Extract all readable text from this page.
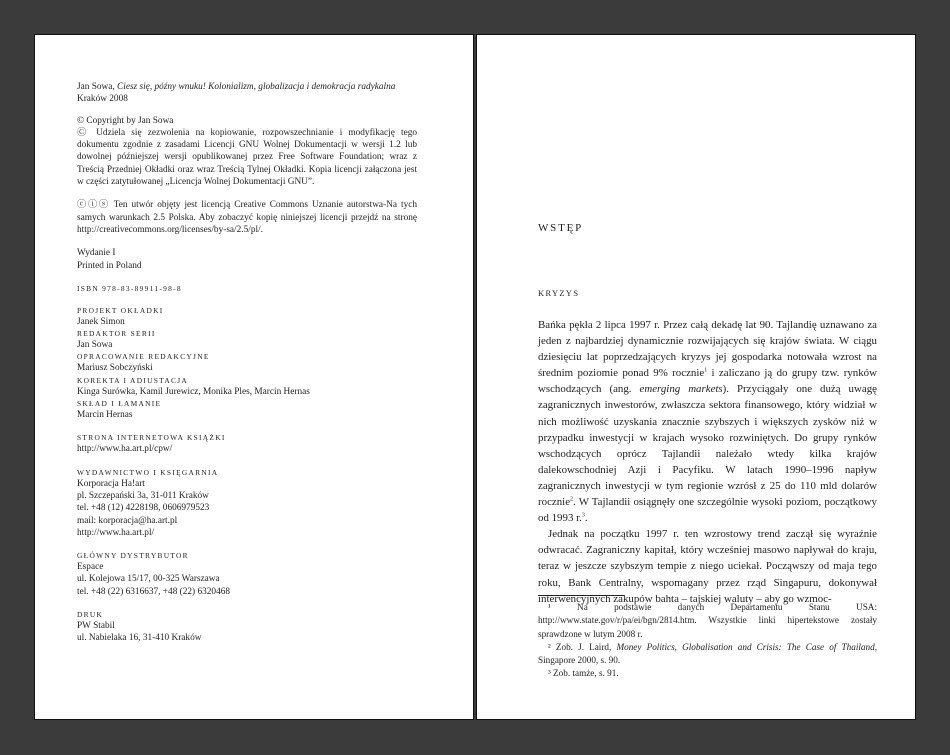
Jan Sowa, Ciesz się, późny wnuku! Kolonializm, globalizacja i demokracja radykalna

Kraków 2008

© Copyright by Jan Sowa

Ⓒ Udziela się zezwolenia na kopiowanie, rozpowszechnianie i modyfikację tego dokumentu zgodnie z zasadami Licencji GNU Wolnej Dokumentacji w wersji 1.2 lub dowolnej późniejszej wersji opublikowanej przez Free Software Foundation; wraz z Treścią Przedniej Okładki oraz wraz Treścią Tylnej Okładki. Kopia licencji załączona jest w części zatytułowanej „Licencja Wolnej Dokumentacji GNU”.

ⓒⓘⓢ Ten utwór objęty jest licencją Creative Commons Uznanie autorstwa-Na tych samych warunkach 2.5 Polska. Aby zobaczyć kopię niniejszej licencji przejdź na stronę http://creativecommons.org/licenses/by-sa/2.5/pl/.

Wydanie I

Printed in Poland

ISBN 978-83-89911-98-8

PROJEKT OKŁADKI

Janek Simon

REDAKTOR SERII

Jan Sowa

OPRACOWANIE REDAKCYJNE

Mariusz Sobczyński

KOREKTA I ADIUSTACJA

Kinga Surówka, Kamil Jurewicz, Monika Ples, Marcin Hernas

SKŁAD I ŁAMANIE

Marcin Hernas

STRONA INTERNETOWA KSIĄŻKI

http://www.ha.art.pl/cpw/

WYDAWNICTWO I KSIĘGARNIA

Korporacja Ha!art

pl. Szczepański 3a, 31-011 Kraków

tel. +48 (12) 4228198, 0606979523

mail: korporacja@ha.art.pl

http://www.ha.art.pl/

GŁÓWNY DYSTRYBUTOR

Espace

ul. Kolejowa 15/17, 00-325 Warszawa

tel. +48 (22) 6316637, +48 (22) 6320468

DRUK

PW Stabil

ul. Nabielaka 16, 31-410 Kraków

WSTĘP
KRYZYS

Bańka pękła 2 lipca 1997 r. Przez całą dekadę lat 90. Tajlandię uznawano za jeden z najbardziej dynamicznie rozwijających się krajów świata. W ciągu dziesięciu lat poprzedzających kryzys jej gospodarka notowała wzrost na średnim poziomie ponad 9% rocznie$^1$ i zaliczano ją do grupy tzw. rynków wschodzących (ang. emerging markets). Przyciągały one dużą uwagę zagranicznych inwestorów, zwłaszcza sektora finansowego, który widział w nich możliwość uzyskania znacznie szybszych i większych zysków niż w przypadku inwestycji w krajach wysoko rozwiniętych. Do grupy rynków wschodzących oprócz Tajlandii należało wtedy kilka krajów dalekowschodniej Azji i Pacyfiku. W latach 1990–1996 napływ zagranicznych inwestycji w tym regionie wzrósł z 25 do 110 mld dolarów rocznie$^2$. W Tajlandii osiągnęły one szczególnie wysoki poziom, początkowy od 1993 r.$^3$.

Jednak na początku 1997 r. ten wzrostowy trend zaczął się wyraźnie odwracać. Zagraniczny kapitał, który wcześniej masowo napływał do kraju, teraz w jeszcze szybszym tempie z niego uciekał. Począwszy od maja tego roku, Bank Centralny, wspomagany przez rząd Singapuru, dokonywał interwencyjnych zakupów bahta – tajskiej waluty – aby go wzmoc-

¹ Na podstawie danych Departamentu Stanu USA: http://www.state.gov/r/pa/ei/bgn/2814.htm. Wszystkie linki hipertekstowe zostały sprawdzone w lutym 2008 r.

² Zob. J. Laird, Money Politics, Globalisation and Crisis: The Case of Thailand, Singapore 2000, s. 90.

³ Zob. tamże, s. 91.
